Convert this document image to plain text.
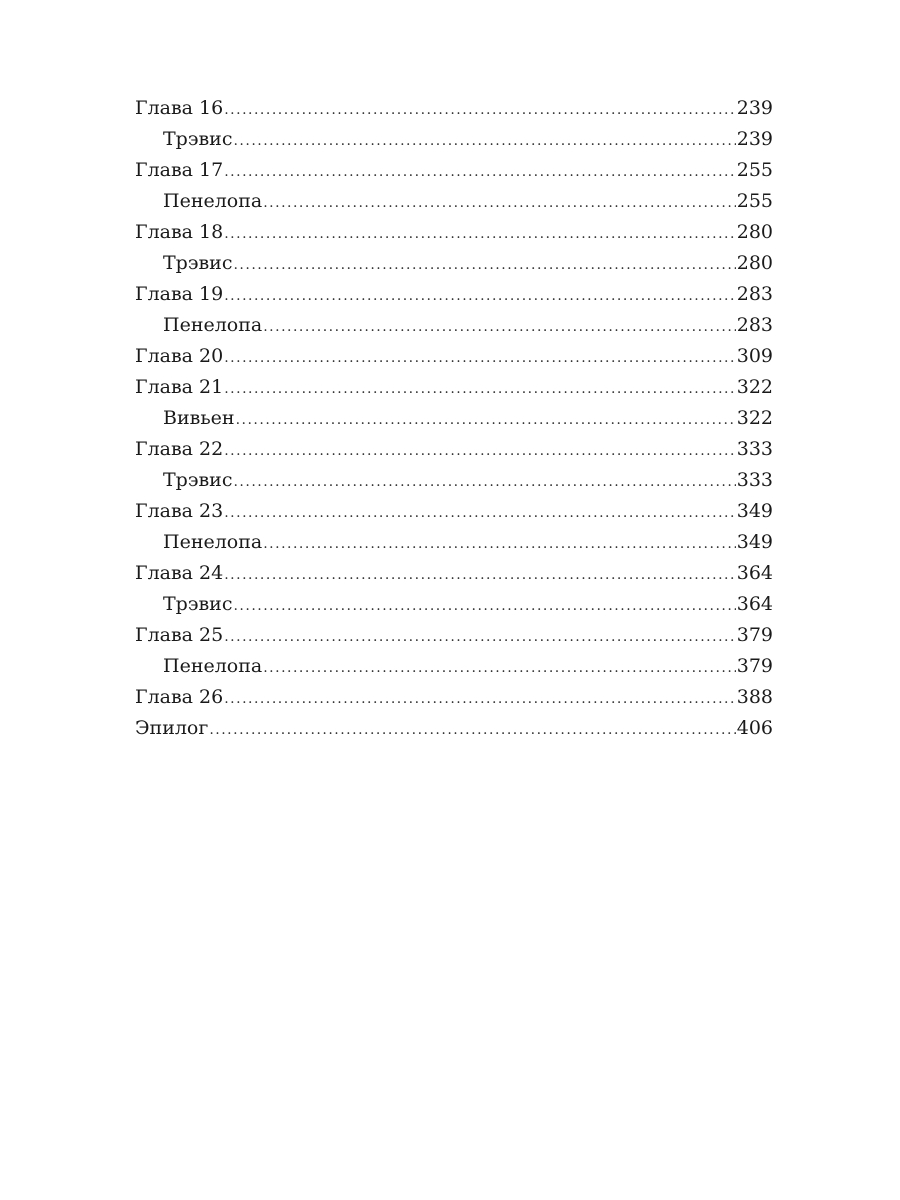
Глава 16 .....	239
Трэвис .....	239
Глава 17 .....	255
Пенелопа .....	255
Глава 18 .....	280
Трэвис .....	280
Глава 19 .....	283
Пенелопа .....	283
Глава 20 .....	309
Глава 21 .....	322
Вивьен .....	322
Глава 22 .....	333
Трэвис .....	333
Глава 23 .....	349
Пенелопа .....	349
Глава 24 .....	364
Трэвис .....	364
Глава 25 .....	379
Пенелопа .....	379
Глава 26 .....	388
Эпилог .....	406
